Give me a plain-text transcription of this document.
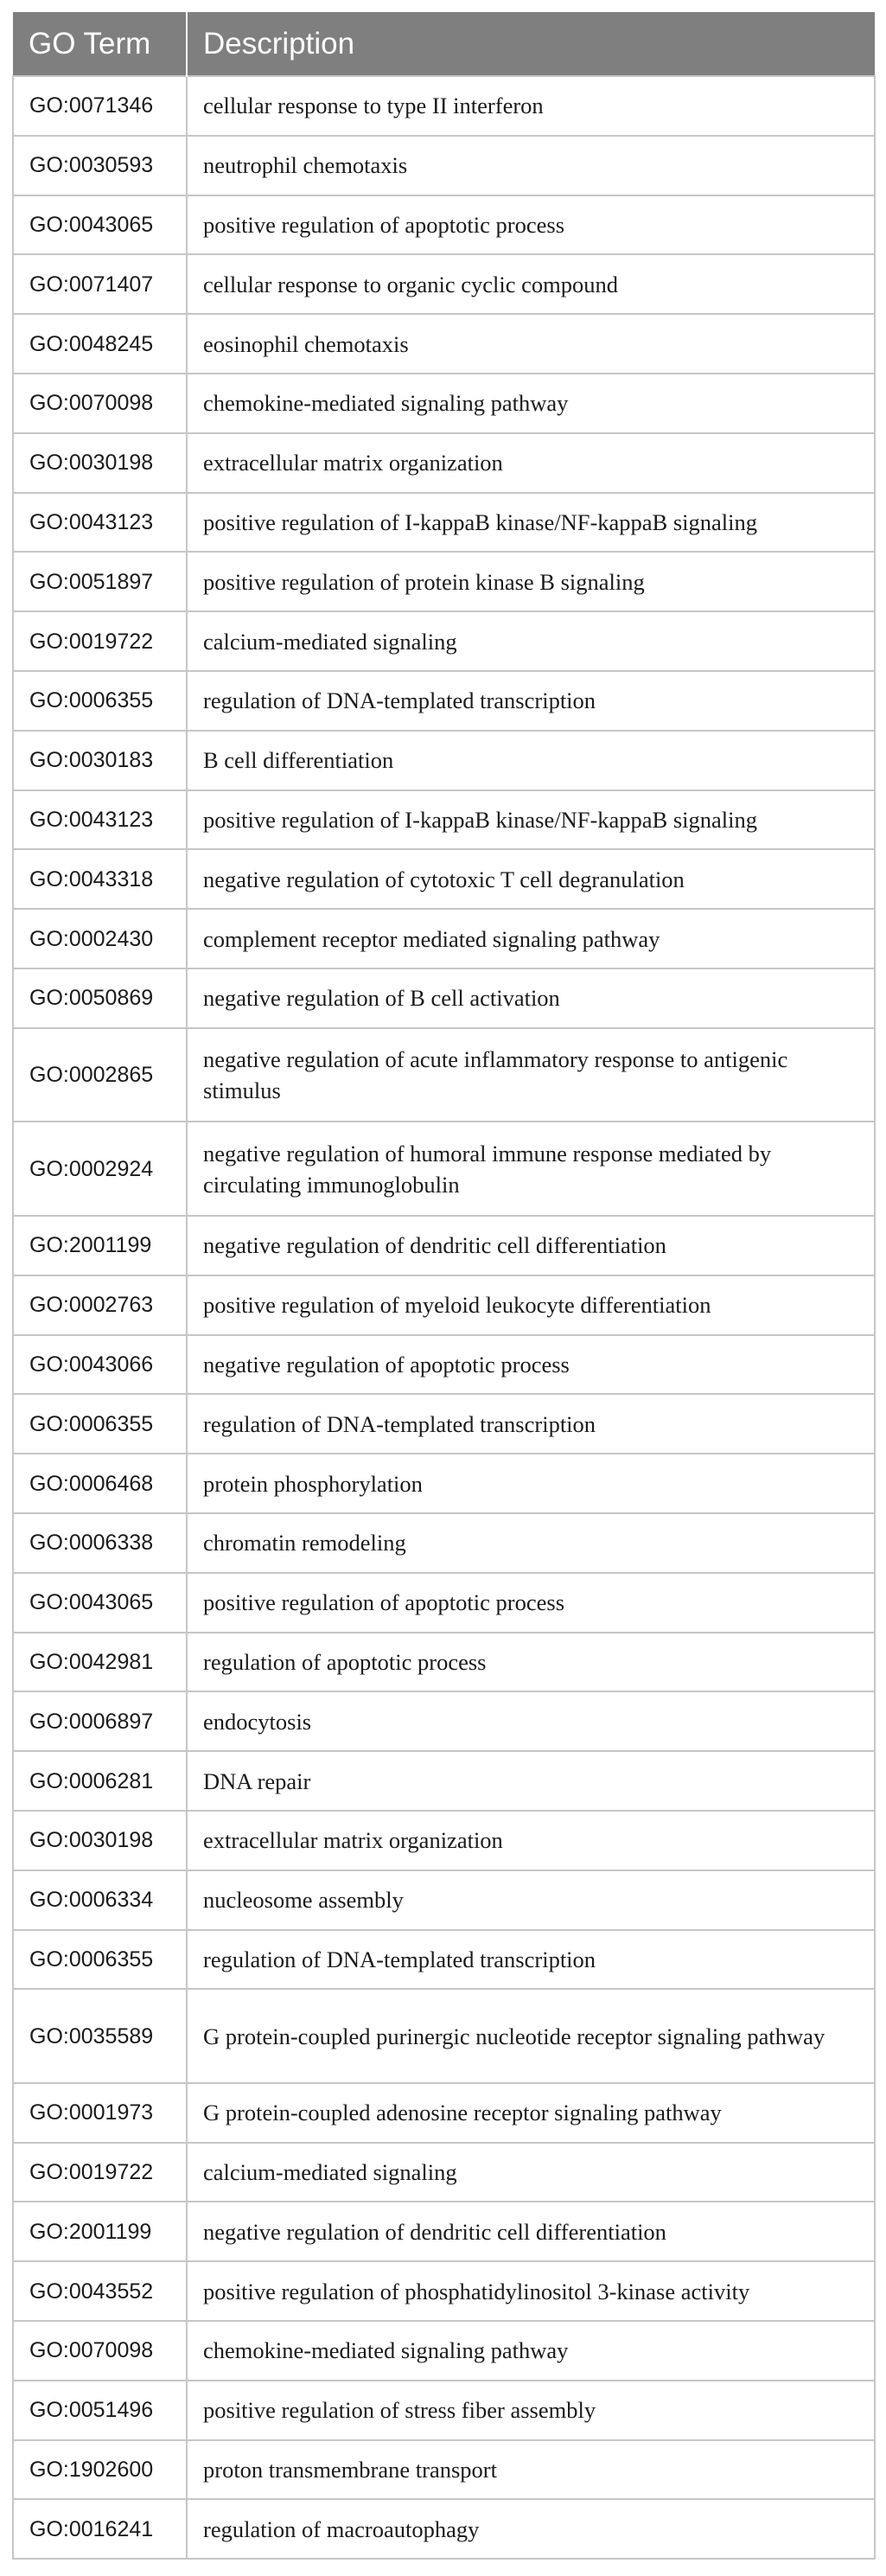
GO Term	Description
GO:0071346	cellular response to type II interferon
GO:0030593	neutrophil chemotaxis
GO:0043065	positive regulation of apoptotic process
GO:0071407	cellular response to organic cyclic compound
GO:0048245	eosinophil chemotaxis
GO:0070098	chemokine-mediated signaling pathway
GO:0030198	extracellular matrix organization
GO:0043123	positive regulation of I-kappaB kinase/NF-kappaB signaling
GO:0051897	positive regulation of protein kinase B signaling
GO:0019722	calcium-mediated signaling
GO:0006355	regulation of DNA-templated transcription
GO:0030183	B cell differentiation
GO:0043123	positive regulation of I-kappaB kinase/NF-kappaB signaling
GO:0043318	negative regulation of cytotoxic T cell degranulation
GO:0002430	complement receptor mediated signaling pathway
GO:0050869	negative regulation of B cell activation
GO:0002865	negative regulation of acute inflammatory response to antigenic stimulus
GO:0002924	negative regulation of humoral immune response mediated by circulating immunoglobulin
GO:2001199	negative regulation of dendritic cell differentiation
GO:0002763	positive regulation of myeloid leukocyte differentiation
GO:0043066	negative regulation of apoptotic process
GO:0006355	regulation of DNA-templated transcription
GO:0006468	protein phosphorylation
GO:0006338	chromatin remodeling
GO:0043065	positive regulation of apoptotic process
GO:0042981	regulation of apoptotic process
GO:0006897	endocytosis
GO:0006281	DNA repair
GO:0030198	extracellular matrix organization
GO:0006334	nucleosome assembly
GO:0006355	regulation of DNA-templated transcription
GO:0035589	G protein-coupled purinergic nucleotide receptor signaling pathway
GO:0001973	G protein-coupled adenosine receptor signaling pathway
GO:0019722	calcium-mediated signaling
GO:2001199	negative regulation of dendritic cell differentiation
GO:0043552	positive regulation of phosphatidylinositol 3-kinase activity
GO:0070098	chemokine-mediated signaling pathway
GO:0051496	positive regulation of stress fiber assembly
GO:1902600	proton transmembrane transport
GO:0016241	regulation of macroautophagy
